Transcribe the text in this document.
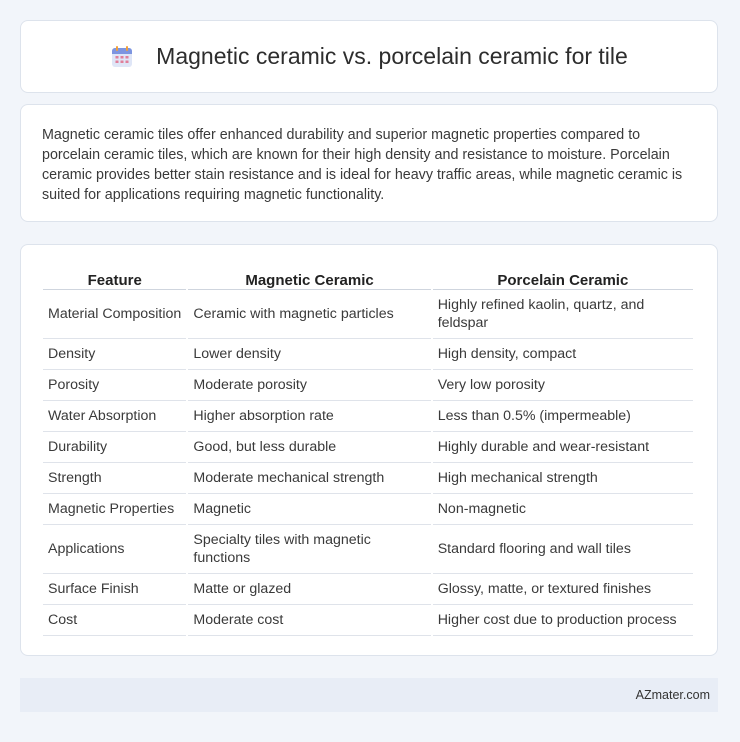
Magnetic ceramic vs. porcelain ceramic for tile

Magnetic ceramic tiles offer enhanced durability and superior magnetic properties compared to porcelain ceramic tiles, which are known for their high density and resistance to moisture. Porcelain ceramic provides better stain resistance and is ideal for heavy traffic areas, while magnetic ceramic is suited for applications requiring magnetic functionality.

Feature	Magnetic Ceramic	Porcelain Ceramic
Material Composition	Ceramic with magnetic particles	Highly refined kaolin, quartz, and feldspar
Density	Lower density	High density, compact
Porosity	Moderate porosity	Very low porosity
Water Absorption	Higher absorption rate	Less than 0.5% (impermeable)
Durability	Good, but less durable	Highly durable and wear-resistant
Strength	Moderate mechanical strength	High mechanical strength
Magnetic Properties	Magnetic	Non-magnetic
Applications	Specialty tiles with magnetic functions	Standard flooring and wall tiles
Surface Finish	Matte or glazed	Glossy, matte, or textured finishes
Cost	Moderate cost	Higher cost due to production process
AZmater.com
